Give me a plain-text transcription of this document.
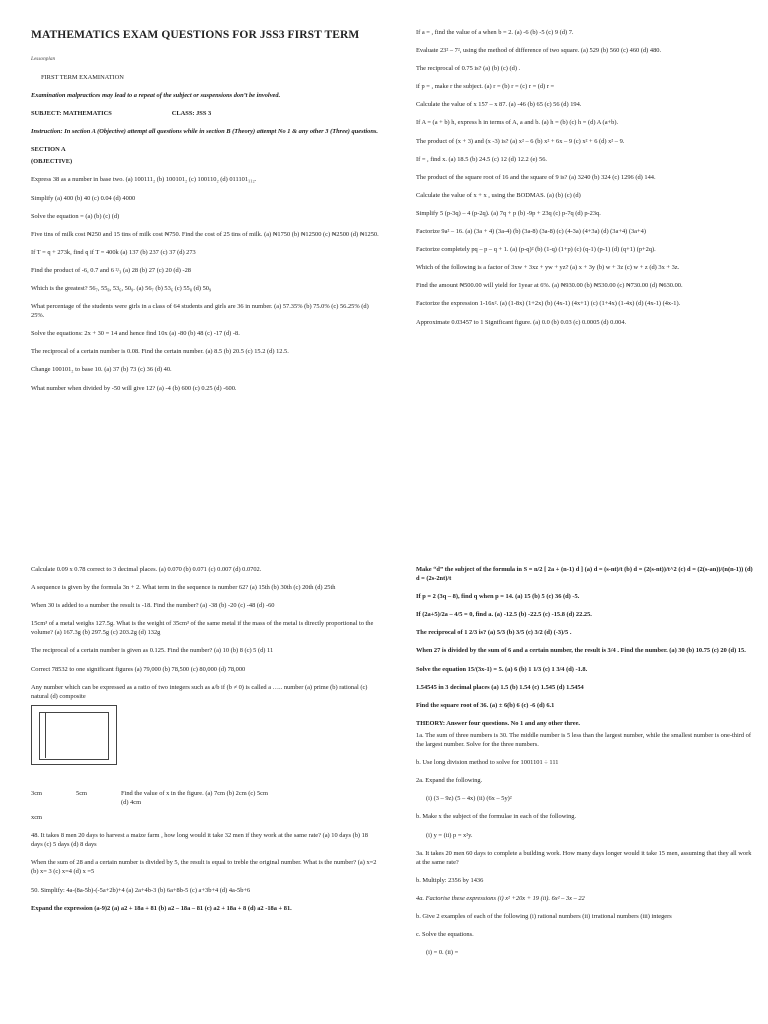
MATHEMATICS EXAM QUESTIONS FOR JSS3 FIRST TERM
Lessonplan
FIRST TERM EXAMINATION
Examination malpractices may lead to a repeat of the subject or suspensions don’t be involved.
SUBJECT: MATHEMATICS	CLASS: JSS 3
Instruction: In section A (Objective) attempt all questions while in section B (Theory) attempt No 1 & any other 3 (Three) questions.
SECTION A
(OBJECTIVE)
Express 38 as a number in base two. (a) 100111₂ (b) 100101₂ (c) 100110₂ (d) 011101₁₁₂.
Simplify (a) 400 (b) 40 (c) 0.04 (d) 4000
Solve the equation = (a) (b) (c) (d)
Five tins of milk cost ₦250 and 15 tins of milk cost ₦750. Find the cost of 25 tins of milk. (a) ₦1750 (b) ₦12500 (c) ₦2500 (d) ₦1250.
If T = q + 273k, find q if T = 400k (a) 137 (b) 237 (c) 37 (d) 273
Find the product of -6, 0.7 and 6 ²/₃ (a) 28 (b) 27 (c) 20 (d) -28
Which is the greatest? 56₇, 55₈, 53₆, 50₉. (a) 56₇ (b) 53₆ (c) 55₈ (d) 50₉
What percentage of the students were girls in a class of 64 students and girls are 36 in number. (a) 57.35% (b) 75.0% (c) 56.25% (d) 25%.
Solve the equations: 2x + 30 = 14 and hence find 10x (a) -80 (b) 48 (c) -17 (d) -8.
The reciprocal of a certain number is 0.08. Find the certain number. (a) 8.5 (b) 20.5 (c) 15.2 (d) 12.5.
Change 100101₂ to base 10. (a) 37 (b) 73 (c) 36 (d) 40.
What number when divided by -50 will give 12? (a) -4 (b) 600 (c) 0.25 (d) -600.
If a = , find the value of a when b = 2. (a) -6 (b) -5 (c) 9 (d) 7.
Evaluate 23² – 7², using the method of difference of two square. (a) 529 (b) 560 (c) 460 (d) 480.
The reciprocal of 0.75 is? (a) (b) (c) (d) .
if p = , make r the subject. (a) r = (b) r = (c) r = (d) r =
Calculate the value of x 157 – x 87. (a) -46 (b) 65 (c) 56 (d) 194.
If A = (a + b) h, express h in terms of A, a and b. (a) h = (b) (c) h = (d) A (a+b).
The product of (x + 3) and (x -3) is? (a) x² – 6 (b) x² + 6x – 9 (c) x² + 6 (d) x² – 9.
If = , find x. (a) 18.5 (b) 24.5 (c) 12 (d) 12.2 (e) 56.
The product of the square root of 16 and the square of 9 is? (a) 3240 (b) 324 (c) 1296 (d) 144.
Calculate the value of x + x , using the BODMAS. (a) (b) (c) (d)
Simplify 5 (p-3q) – 4 (p-2q). (a) 7q + p (b) -9p + 23q (c) p-7q (d) p-23q.
Factorize 9a² – 16. (a) (3a + 4) (3a-4) (b) (3a-8) (3a-8) (c) (4-3a) (4+3a) (d) (3a+4) (3a+4)
Factorize completely pq – p – q + 1. (a) (p-q)² (b) (1-q) (1+p) (c) (q-1) (p-1) (d) (q+1) (p+2q).
Which of the following is a factor of 3xw + 3xz + yw + yz? (a) x + 3y (b) w + 3z (c) w + z (d) 3x + 3z.
Find the amount ₦500.00 will yield for 1year at 6%. (a) ₦930.00 (b) ₦530.00 (c) ₦730.00 (d) ₦630.00.
Factorize the expression 1-16x². (a) (1-8x) (1+2x) (b) (4x-1) (4x+1) (c) (1+4x) (1-4x) (d) (4x-1) (4x-1).
Approximate 0.03457 to 1 Significant figure. (a) 0.0 (b) 0.03 (c) 0.0005 (d) 0.004.
Calculate 0.09 x 0.78 correct to 3 decimal places. (a) 0.070 (b) 0.071 (c) 0.007 (d) 0.0702.
A sequence is given by the formula 3n + 2. What term in the sequence is number 62? (a) 15th (b) 30th (c) 20th (d) 25th
When 30 is added to a number the result is -18. Find the number? (a) -38 (b) -20 (c) -48 (d) -60
15cm³ of a metal weighs 127.5g. What is the weight of 35cm³ of the same metal if the mass of the metal is directly proportional to the volume? (a) 167.3g (b) 297.5g (c) 203.2g (d) 132g
The reciprocal of a certain number is given as 0.125. Find the number? (a) 10 (b) 8 (c) 5 (d) 11
Correct 78532 to one significant figures (a) 79,000 (b) 78,500 (c) 80,000 (d) 78,000
Any number which can be expressed as a ratio of two integers such as a/b if (b ≠ 0) is called a ….. number (a) prime (b) rational (c) natural (d) composite
3cm	5cm	Find the value of x in the figure. (a) 7cm (b) 2cm (c) 5cm
(d) 4cm
xcm
48. It takes 8 men 20 days to harvest a maize farm , how long would it take 32 men if they work at the same rate? (a) 10 days (b) 18 days (c) 5 days (d) 8 days
When the sum of 28 and a certain number is divided by 5, the result is equal to treble the original number. What is the number? (a) x=2 (b) x= 3 (c) x=4 (d) x =5
50. Simplify: 4a-(8a-5b)-(-5a+2b)+4 (a) 2a+4b-3 (b) 6a+8b-5 (c) a+3b+4 (d) 4a-5b+6
Expand the expression (a-9)2 (a) a2 + 18a + 81 (b) a2 – 18a – 81 (c) a2 + 18a + 8 (d) a2 -18a + 81.
Make “d” the subject of the formula in S = n/2 [ 2a + (n-1) d ] (a) d = (s-nt)/t (b) d = (2(s-nt))/t^2 (c) d = (2(s-an))/(n(n-1)) (d) d = (2s-2nt)/t
If p = 2 (3q – 8), find q when p = 14. (a) 15 (b) 5 (c) 36 (d) -5.
If (2a+5)/2a – 4/5 = 0, find a. (a) -12.5 (b) -22.5 (c) -15.8 (d) 22.25.
The reciprocal of 1 2/3 is? (a) 5/3 (b) 3/5 (c) 3/2 (d) (-3)/5 .
When 27 is divided by the sum of 6 and a certain number, the result is 3/4 . Find the number. (a) 30 (b) 10.75 (c) 20 (d) 15.
Solve the equation 15/(3x-1) = 5. (a) 6 (b) 1 1/3 (c) 1 3/4 (d) -1.8.
1.54545 in 3 decimal places (a) 1.5 (b) 1.54 (c) 1.545 (d) 1.5454
Find the square root of 36. (a) ± 6(b) 6 (c) -6 (d) 6.1
THEORY: Answer four questions. No 1 and any other three.
1a. The sum of three numbers is 30. The middle number is 5 less than the largest number, while the smallest number is one-third of the largest number. Solve for the three numbers.
b. Use long division method to solve for 1001101 ÷ 111
2a. Expand the following.
(i) (3 – 9z) (5 – 4x) (ii) (6x – 5y)²
b. Make x the subject of the formulae in each of the following.
(i) y = (ii) p = x²y.
3a. It takes 20 men 60 days to complete a building work. How many days longer would it take 15 men, assuming that they all work at the same rate?
b. Multiply: 2356 by 1436
4a. Factorise these expressions (i) x² +20x + 19 (ii). 6x² – 3x – 22
b. Give 2 examples of each of the following (i) rational numbers (ii) irrational numbers (iii) integers
c. Solve the equations.
(i) = 0. (ii) =
